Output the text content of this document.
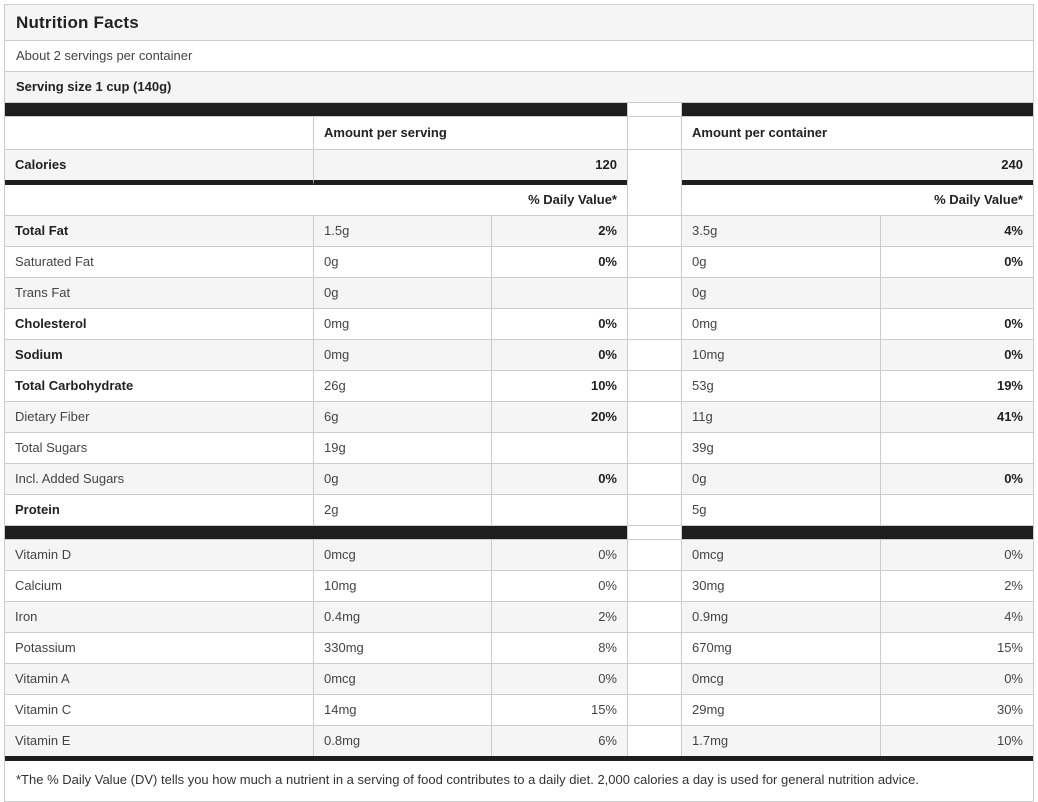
Nutrition Facts
About 2 servings per container
Serving size 1 cup (140g)
Amount per serving	Amount per container
Calories	120	240
% Daily Value*	% Daily Value*
Total Fat	1.5g	2%	3.5g	4%
Saturated Fat	0g	0%	0g	0%
Trans Fat	0g	0g
Cholesterol	0mg	0%	0mg	0%
Sodium	0mg	0%	10mg	0%
Total Carbohydrate	26g	10%	53g	19%
Dietary Fiber	6g	20%	11g	41%
Total Sugars	19g	39g
Incl. Added Sugars	0g	0%	0g	0%
Protein	2g	5g
Vitamin D	0mcg	0%	0mcg	0%
Calcium	10mg	0%	30mg	2%
Iron	0.4mg	2%	0.9mg	4%
Potassium	330mg	8%	670mg	15%
Vitamin A	0mcg	0%	0mcg	0%
Vitamin C	14mg	15%	29mg	30%
Vitamin E	0.8mg	6%	1.7mg	10%
*The % Daily Value (DV) tells you how much a nutrient in a serving of food contributes to a daily diet. 2,000 calories a day is used for general nutrition advice.
